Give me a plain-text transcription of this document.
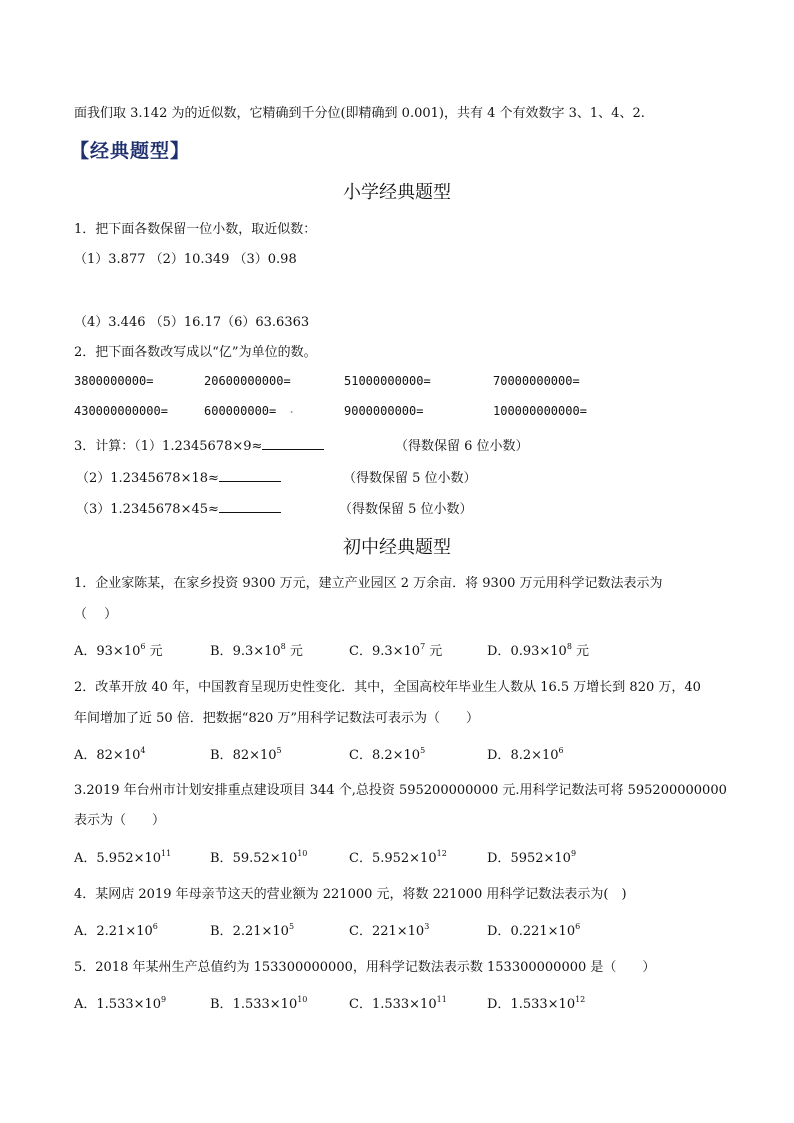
面我们取 3.142 为的近似数，它精确到千分位(即精确到 0.001)，共有 4 个有效数字 3、1、4、2.
【经典题型】
小学经典题型
1．把下面各数保留一位小数，取近似数：
（1）3.877 （2）10.349 （3）0.98
（4）3.446 （5）16.17（6）63.6363
2．把下面各数改写成以“亿”为单位的数。
3800000000=	20600000000=	51000000000=	70000000000=
430000000000=	600000000= .	9000000000=	100000000000=
3．计算：（1）1.2345678×9≈	（得数保留 6 位小数）
（2）1.2345678×18≈	（得数保留 5 位小数）
（3）1.2345678×45≈	（得数保留 5 位小数）
初中经典题型
1．企业家陈某，在家乡投资 9300 万元，建立产业园区 2 万余亩．将 9300 万元用科学记数法表示为
（　 ）
A．$93\times 10^6$ 元	B．$9.3\times 10^8$ 元	C．$9.3\times 10^7$ 元	D．$0.93\times 10^8$ 元
2．改革开放 40 年，中国教育呈现历史性变化．其中，全国高校年毕业生人数从 16.5 万增长到 820 万，40
年间增加了近 50 倍．把数据“820 万”用科学记数法可表示为（　　）
A．$82\times 10^4$	B．$82\times 10^5$	C．$8.2\times 10^5$	D．$8.2\times 10^6$
3.2019 年台州市计划安排重点建设项目 344 个,总投资 595200000000 元.用科学记数法可将 595200000000
表示为（　　）
A．$5.952\times 10^{11}$	B．$59.52\times 10^{10}$	C．$5.952\times 10^{12}$	D．$5952\times 10^9$
4．某网店 2019 年母亲节这天的营业额为 221000 元，将数 221000 用科学记数法表示为(　)
A．$2.21\times 10^6$	B．$2.21\times 10^5$	C．$221\times 10^3$	D．$0.221\times 10^6$
5．2018 年某州生产总值约为 153300000000，用科学记数法表示数 153300000000 是（　　）
A．$1.533\times 10^9$	B．$1.533\times 10^{10}$	C．$1.533\times 10^{11}$	D．$1.533\times 10^{12}$
